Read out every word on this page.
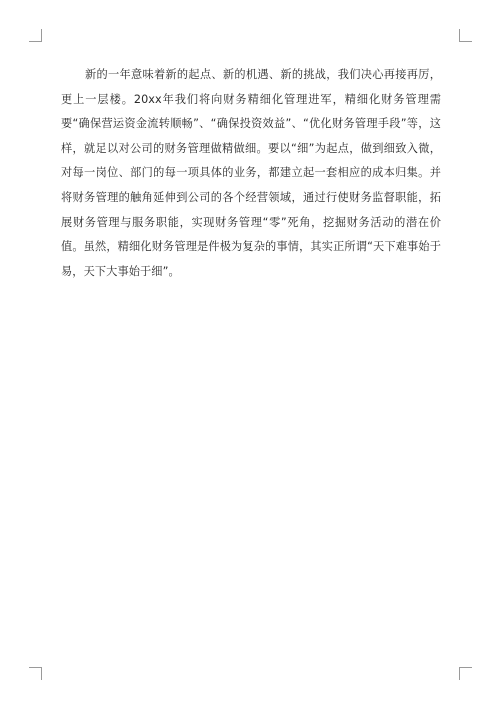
新的一年意味着新的起点、新的机遇、新的挑战，我们决心再接再厉，更上一层楼。20xx年我们将向财务精细化管理进军，精细化财务管理需要“确保营运资金流转顺畅”、“确保投资效益”、“优化财务管理手段”等，这样，就足以对公司的财务管理做精做细。要以“细”为起点，做到细致入微，对每一岗位、部门的每一项具体的业务，都建立起一套相应的成本归集。并将财务管理的触角延伸到公司的各个经营领域，通过行使财务监督职能，拓展财务管理与服务职能，实现财务管理“零”死角，挖掘财务活动的潜在价值。虽然，精细化财务管理是件极为复杂的事情，其实正所谓“天下难事始于易，天下大事始于细”。
